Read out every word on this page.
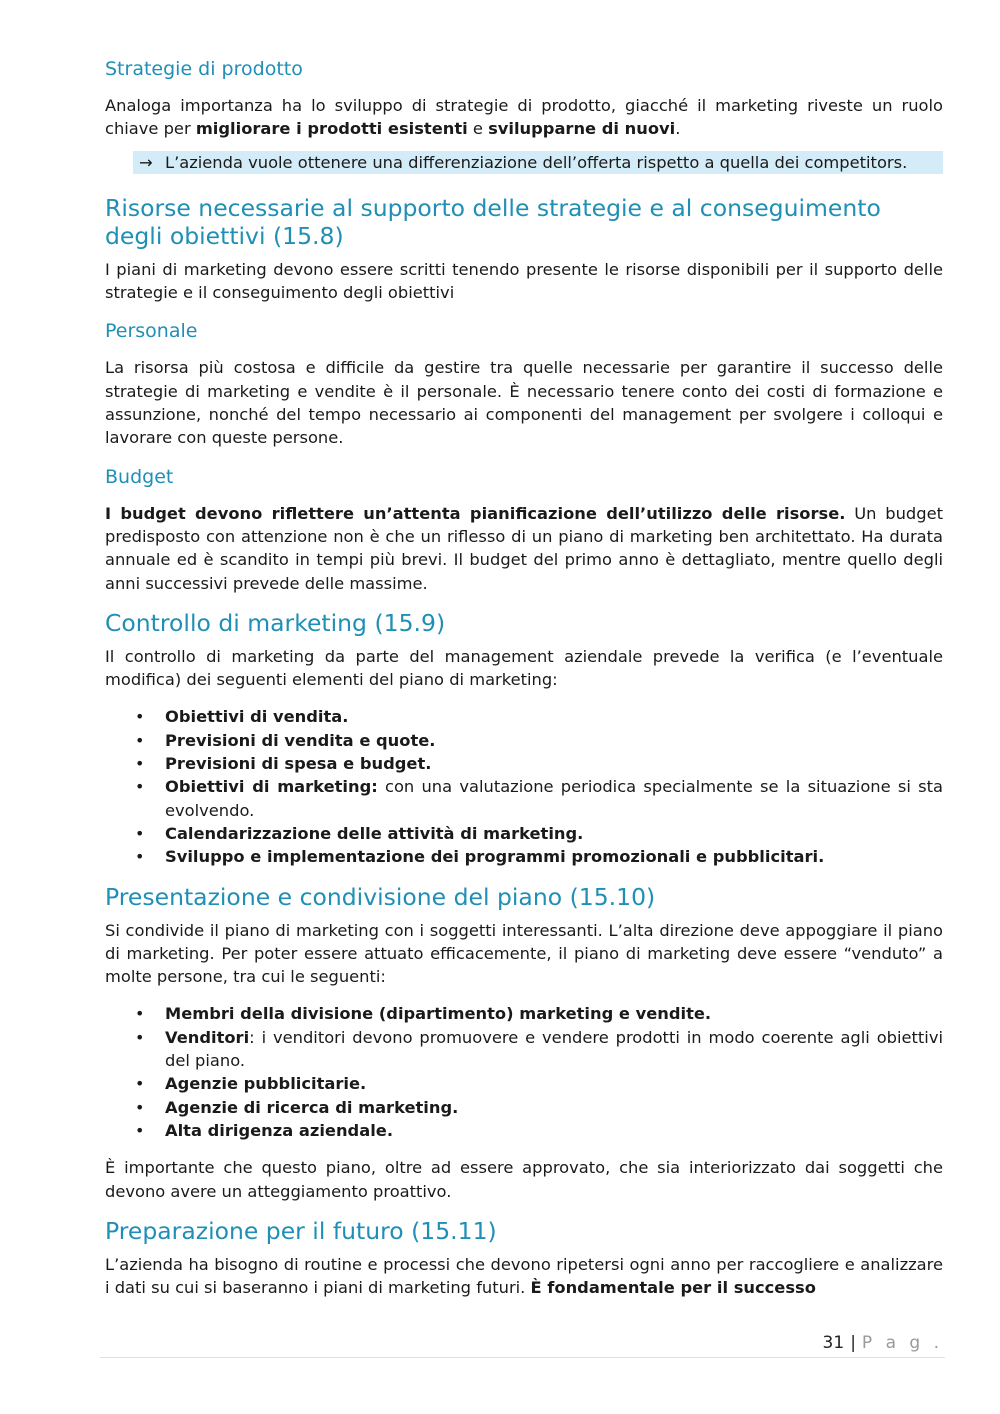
Strategie di prodotto

Analoga importanza ha lo sviluppo di strategie di prodotto, giacché il marketing riveste un ruolo chiave per migliorare i prodotti esistenti e svilupparne di nuovi.

→ L’azienda vuole ottenere una differenziazione dell’offerta rispetto a quella dei competitors.
Risorse necessarie al supporto delle strategie e al conseguimento degli obiettivi (15.8)

I piani di marketing devono essere scritti tenendo presente le risorse disponibili per il supporto delle strategie e il conseguimento degli obiettivi

Personale

La risorsa più costosa e difficile da gestire tra quelle necessarie per garantire il successo delle strategie di marketing e vendite è il personale. È necessario tenere conto dei costi di formazione e assunzione, nonché del tempo necessario ai componenti del management per svolgere i colloqui e lavorare con queste persone.

Budget

I budget devono riflettere un’attenta pianificazione dell’utilizzo delle risorse. Un budget predisposto con attenzione non è che un riflesso di un piano di marketing ben architettato. Ha durata annuale ed è scandito in tempi più brevi. Il budget del primo anno è dettagliato, mentre quello degli anni successivi prevede delle massime.

Controllo di marketing (15.9)

Il controllo di marketing da parte del management aziendale prevede la verifica (e l’eventuale modifica) dei seguenti elementi del piano di marketing:

• Obiettivi di vendita.
• Previsioni di vendita e quote.
• Previsioni di spesa e budget.
• Obiettivi di marketing: con una valutazione periodica specialmente se la situazione si sta evolvendo.
• Calendarizzazione delle attività di marketing.
• Sviluppo e implementazione dei programmi promozionali e pubblicitari.
Presentazione e condivisione del piano (15.10)

Si condivide il piano di marketing con i soggetti interessanti. L’alta direzione deve appoggiare il piano di marketing. Per poter essere attuato efficacemente, il piano di marketing deve essere “venduto” a molte persone, tra cui le seguenti:

• Membri della divisione (dipartimento) marketing e vendite.
• Venditori: i venditori devono promuovere e vendere prodotti in modo coerente agli obiettivi del piano.
• Agenzie pubblicitarie.
• Agenzie di ricerca di marketing.
• Alta dirigenza aziendale.

È importante che questo piano, oltre ad essere approvato, che sia interiorizzato dai soggetti che devono avere un atteggiamento proattivo.

Preparazione per il futuro (15.11)

L’azienda ha bisogno di routine e processi che devono ripetersi ogni anno per raccogliere e analizzare i dati su cui si baseranno i piani di marketing futuri. È fondamentale per il successo

31 | P a g .
